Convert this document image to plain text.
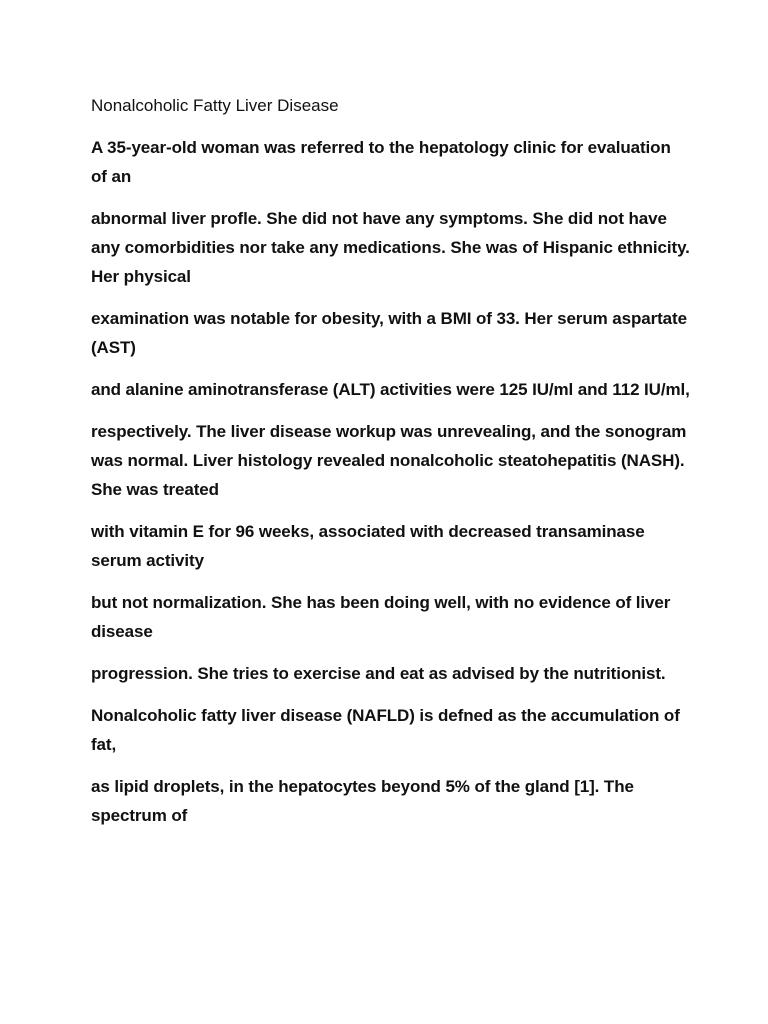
Nonalcoholic Fatty Liver Disease
A 35-year-old woman was referred to the hepatology clinic for evaluation of an
abnormal liver profle. She did not have any symptoms. She did not have any comorbidities nor take any medications. She was of Hispanic ethnicity. Her physical
examination was notable for obesity, with a BMI of 33. Her serum aspartate (AST)
and alanine aminotransferase (ALT) activities were 125 IU/ml and 112 IU/ml,
respectively. The liver disease workup was unrevealing, and the sonogram was normal. Liver histology revealed nonalcoholic steatohepatitis (NASH). She was treated
with vitamin E for 96 weeks, associated with decreased transaminase serum activity
but not normalization. She has been doing well, with no evidence of liver disease
progression. She tries to exercise and eat as advised by the nutritionist.
Nonalcoholic fatty liver disease (NAFLD) is defned as the accumulation of fat,
as lipid droplets, in the hepatocytes beyond 5% of the gland [1]. The spectrum of
